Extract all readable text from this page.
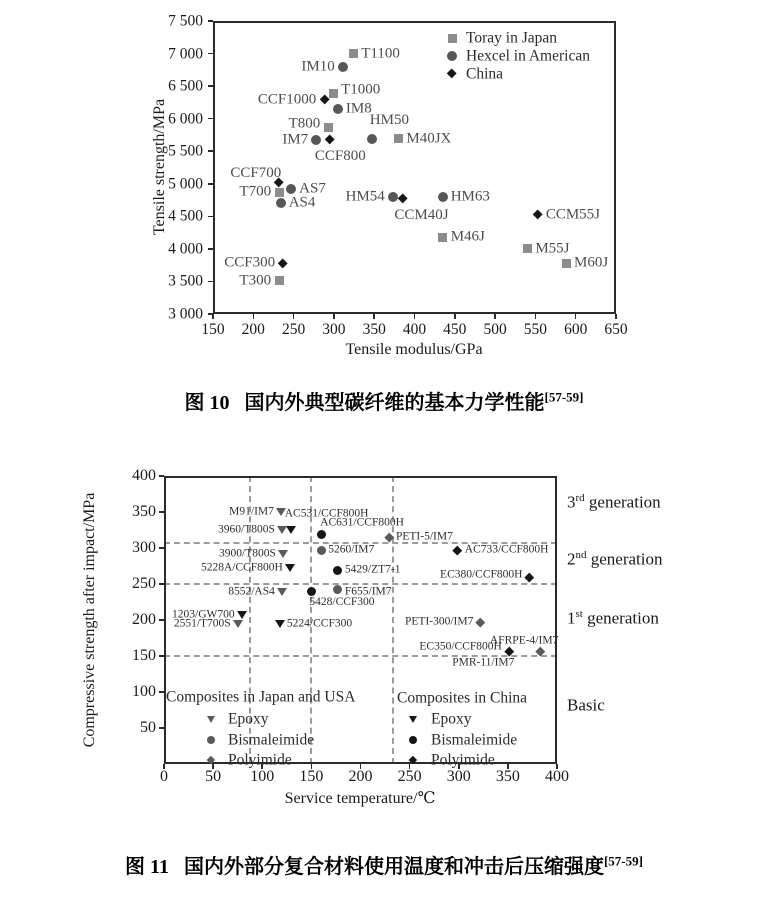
150 200 250 300 350 400 450 500 550 600 650
3 000
3 500
4 000
4 500
5 000
5 500
6 000
6 500
7 000
7 500
Tensile modulus/GPa
Tensile strength/MPa
Toray in Japan
Hexcel in American
China
T300
T700
T800
T1000
T1100
M40JX
M46J
M55J
M60J
AS4
AS7
IM7
IM8
IM10
HM50
HM54	HM63
CCF300
CCF700
CCF800
CCF1000
CCM40J	CCM55J
图 10 国内外典型碳纤维的基本力学性能[57-59]
0 50 100 150 200 250 300 350 400
50
100
150
200
250
300
350
400
Service temperature/℃
Compressive strength after impact/MPa	3rd generation
2nd generation
1st generation
Basic
Composites in Japan and USA
Epoxy
Bismaleimide
Polyimide
Composites in China
Epoxy
Bismaleimide
Polyimide
M91/IM7
3960/T800S
3900/T800S
8552/AS4
2551/T700S
5260/IM7
F655/IM7
PETI-5/IM7
PETI-300/IM7
AFRPE-4/IM7
PMR-11/IM7
AC531/CCF800H
5228A/CCF800H
5224/CCF300
1203/GW700
AC631/CCF800H
5429/ZT7-1
5428/CCF300
AC733/CCF800H
EC380/CCF800H
EC350/CCF800H
图 11 国内外部分复合材料使用温度和冲击后压缩强度[57-59]
